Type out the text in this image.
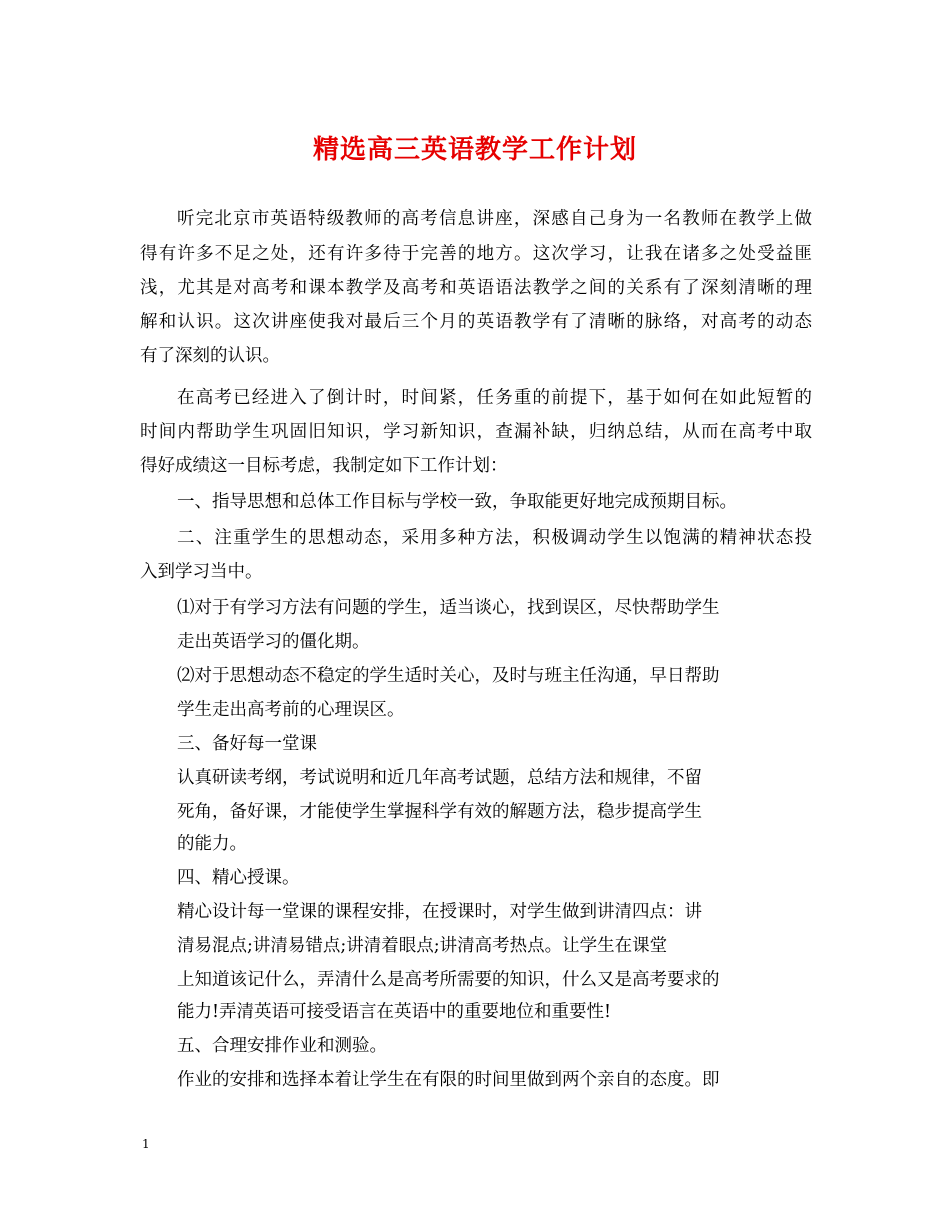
精选高三英语教学工作计划
听完北京市英语特级教师的高考信息讲座，深感自己身为一名教师在教学上做
得有许多不足之处，还有许多待于完善的地方。这次学习，让我在诸多之处受益匪
浅，尤其是对高考和课本教学及高考和英语语法教学之间的关系有了深刻清晰的理
解和认识。这次讲座使我对最后三个月的英语教学有了清晰的脉络，对高考的动态
有了深刻的认识。
在高考已经进入了倒计时，时间紧，任务重的前提下，基于如何在如此短暂的
时间内帮助学生巩固旧知识，学习新知识，查漏补缺，归纳总结，从而在高考中取
得好成绩这一目标考虑，我制定如下工作计划：
一、指导思想和总体工作目标与学校一致，争取能更好地完成预期目标。
二、注重学生的思想动态，采用多种方法，积极调动学生以饱满的精神状态投
入到学习当中。
⑴对于有学习方法有问题的学生，适当谈心，找到误区，尽快帮助学生
走出英语学习的僵化期。
⑵对于思想动态不稳定的学生适时关心，及时与班主任沟通，早日帮助
学生走出高考前的心理误区。
三、备好每一堂课
认真研读考纲，考试说明和近几年高考试题，总结方法和规律，不留
死角，备好课，才能使学生掌握科学有效的解题方法，稳步提高学生
的能力。
四、精心授课。
精心设计每一堂课的课程安排，在授课时，对学生做到讲清四点：讲
清易混点;讲清易错点;讲清着眼点;讲清高考热点。让学生在课堂
上知道该记什么，弄清什么是高考所需要的知识，什么又是高考要求的
能力!弄清英语可接受语言在英语中的重要地位和重要性!
五、合理安排作业和测验。
作业的安排和选择本着让学生在有限的时间里做到两个亲自的态度。即
1
